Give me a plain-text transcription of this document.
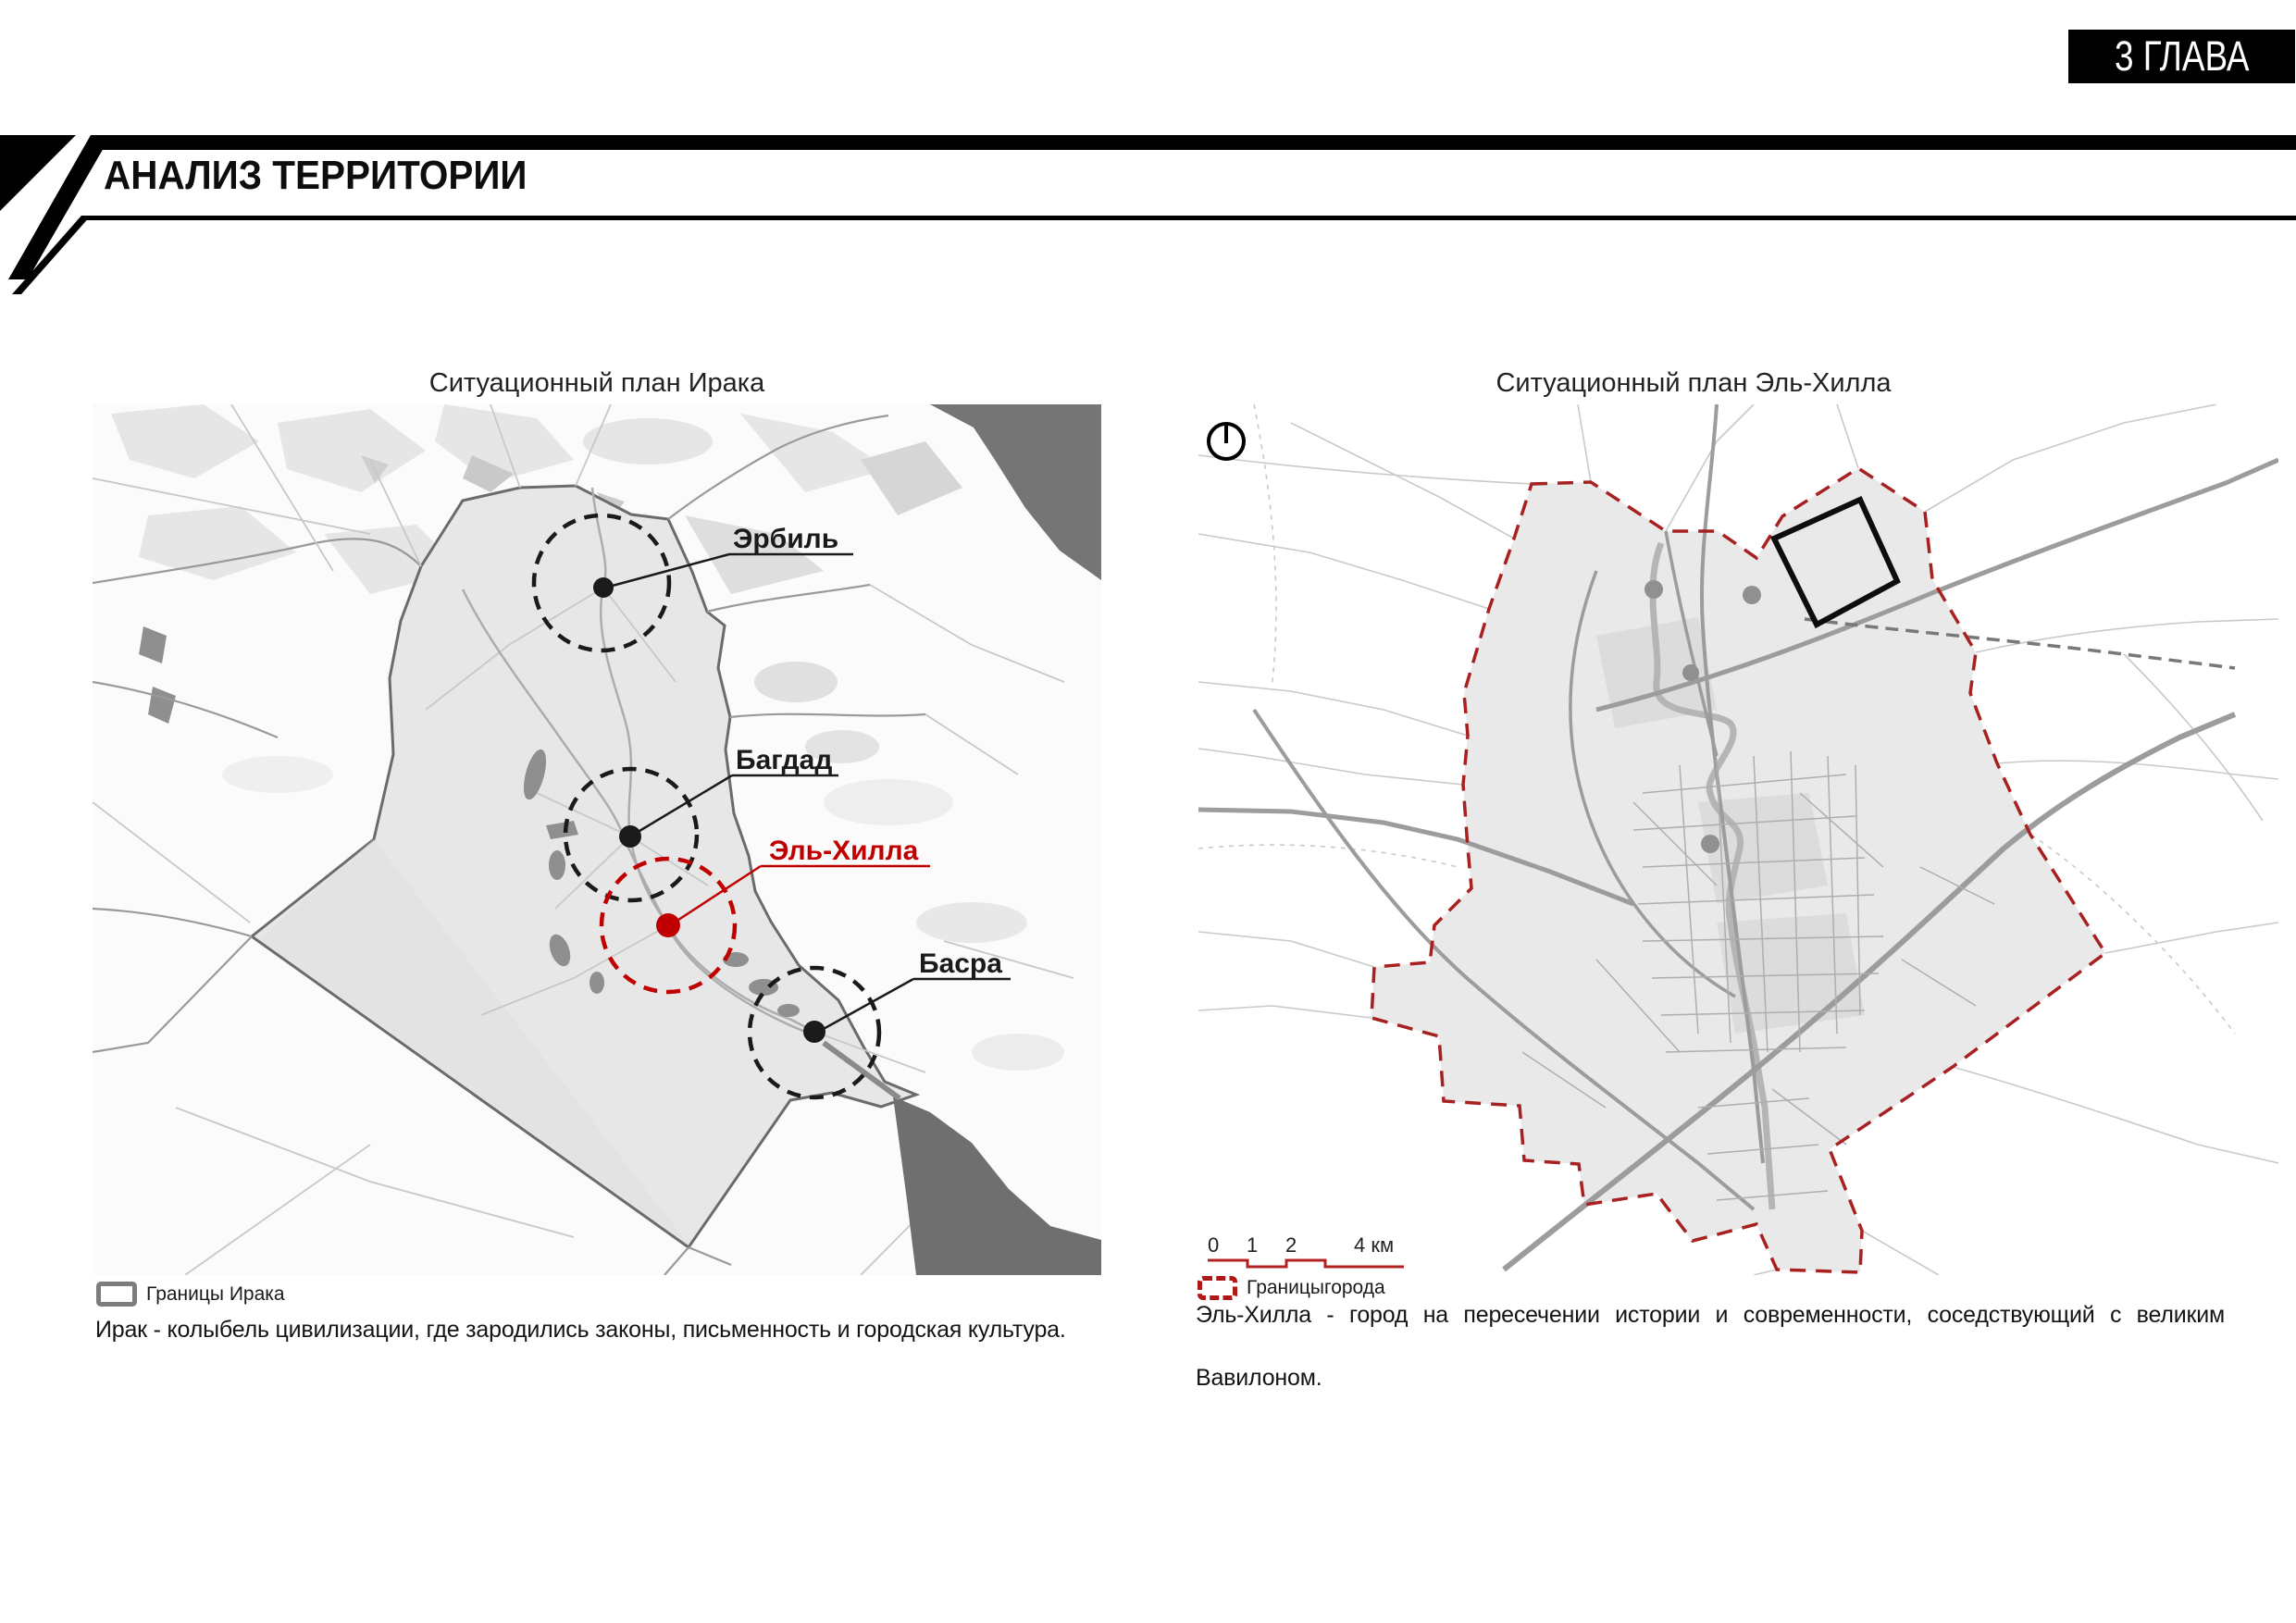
АНАЛИЗ ТЕРРИТОРИИ
3 ГЛАВА
Ситуационный план Ирака
Эрбиль
Багдад
Эль-Хилла
Басра
Границы Ирака
Ирак - колыбель цивилизации, где зародились законы, письменность и городская культура.
Ситуационный план Эль-Хилла
0 1 2	4 км
Границыгорода
Эль-Хилла - город на пересечении истории и современности, соседствующий с великим
Вавилоном.
